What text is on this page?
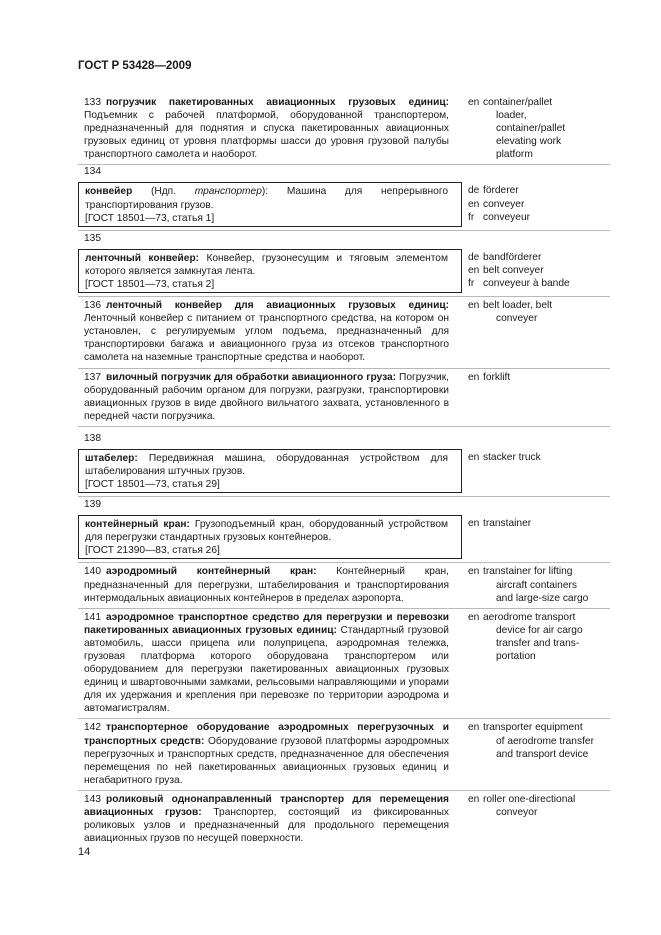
ГОСТ Р 53428—2009
133 погрузчик пакетированных авиационных грузовых единиц: Подъемник с рабочей платформой, оборудованной транспортером, предназначенный для поднятия и спуска пакетированных авиационных грузовых единиц от уровня платформы шасси до уровня грузовой палубы транспортного самолета и наоборот.
en container/pallet
loader,
container/pallet
elevating work
platform
134
конвейер (Ндп. транспортер): Машина для непрерывного транспортирования грузов.
[ГОСТ 18501—73, статья 1]
de förderer
en conveyer
fr conveyeur
135
ленточный конвейер: Конвейер, грузонесущим и тяговым элементом которого является замкнутая лента.
[ГОСТ 18501—73, статья 2]
de bandförderer
en belt conveyer
fr conveyeur à bande
136 ленточный конвейер для авиационных грузовых единиц: Ленточный конвейер с питанием от транспортного средства, на котором он установлен, с регулируемым углом подъема, предназначенный для транспортировки багажа и авиационного груза из отсеков транспортного самолета на наземные транспортные средства и наоборот.
en belt loader, belt
conveyer
137 вилочный погрузчик для обработки авиационного груза: Погрузчик, оборудованный рабочим органом для погрузки, разгрузки, транспортировки авиационных грузов в виде двойного вильчатого захвата, установленного в передней части погрузчика.
en forklift
138
штабелер: Передвижная машина, оборудованная устройством для штабелирования штучных грузов.
[ГОСТ 18501—73, статья 29]
en stacker truck
139
контейнерный кран: Грузоподъемный кран, оборудованный устройством для перегрузки стандартных грузовых контейнеров.
[ГОСТ 21390—83, статья 26]
en transtainer
140 аэродромный контейнерный кран: Контейнерный кран, предназначенный для перегрузки, штабелирования и транспортирования интермодальных авиационных контейнеров в пределах аэропорта.
en transtainer for lifting
aircraft containers
and large-size cargo
141 аэродромное транспортное средство для перегрузки и перевозки пакетированных авиационных грузовых единиц: Стандартный грузовой автомобиль, шасси прицепа или полуприцепа, аэродромная тележка, грузовая платформа которого оборудована транспортером или оборудованием для перегрузки пакетированных авиационных грузовых единиц и швартовочными замками, рельсовыми направляющими и упорами для их удержания и крепления при перевозке по территории аэродрома и автомагистралям.
en aerodrome transport
device for air cargo
transfer and trans-
portation
142 транспортерное оборудование аэродромных перегрузочных и транспортных средств: Оборудование грузовой платформы аэродромных перегрузочных и транспортных средств, предназначенное для обеспечения перемещения по ней пакетированных авиационных грузовых единиц и негабаритного груза.
en transporter equipment
of aerodrome transfer
and transport device
143 роликовый однонаправленный транспортер для перемещения авиационных грузов: Транспортер, состоящий из фиксированных роликовых узлов и предназначенный для продольного перемещения авиационных грузов по несущей поверхности.
en roller one-directional
conveyor
14
